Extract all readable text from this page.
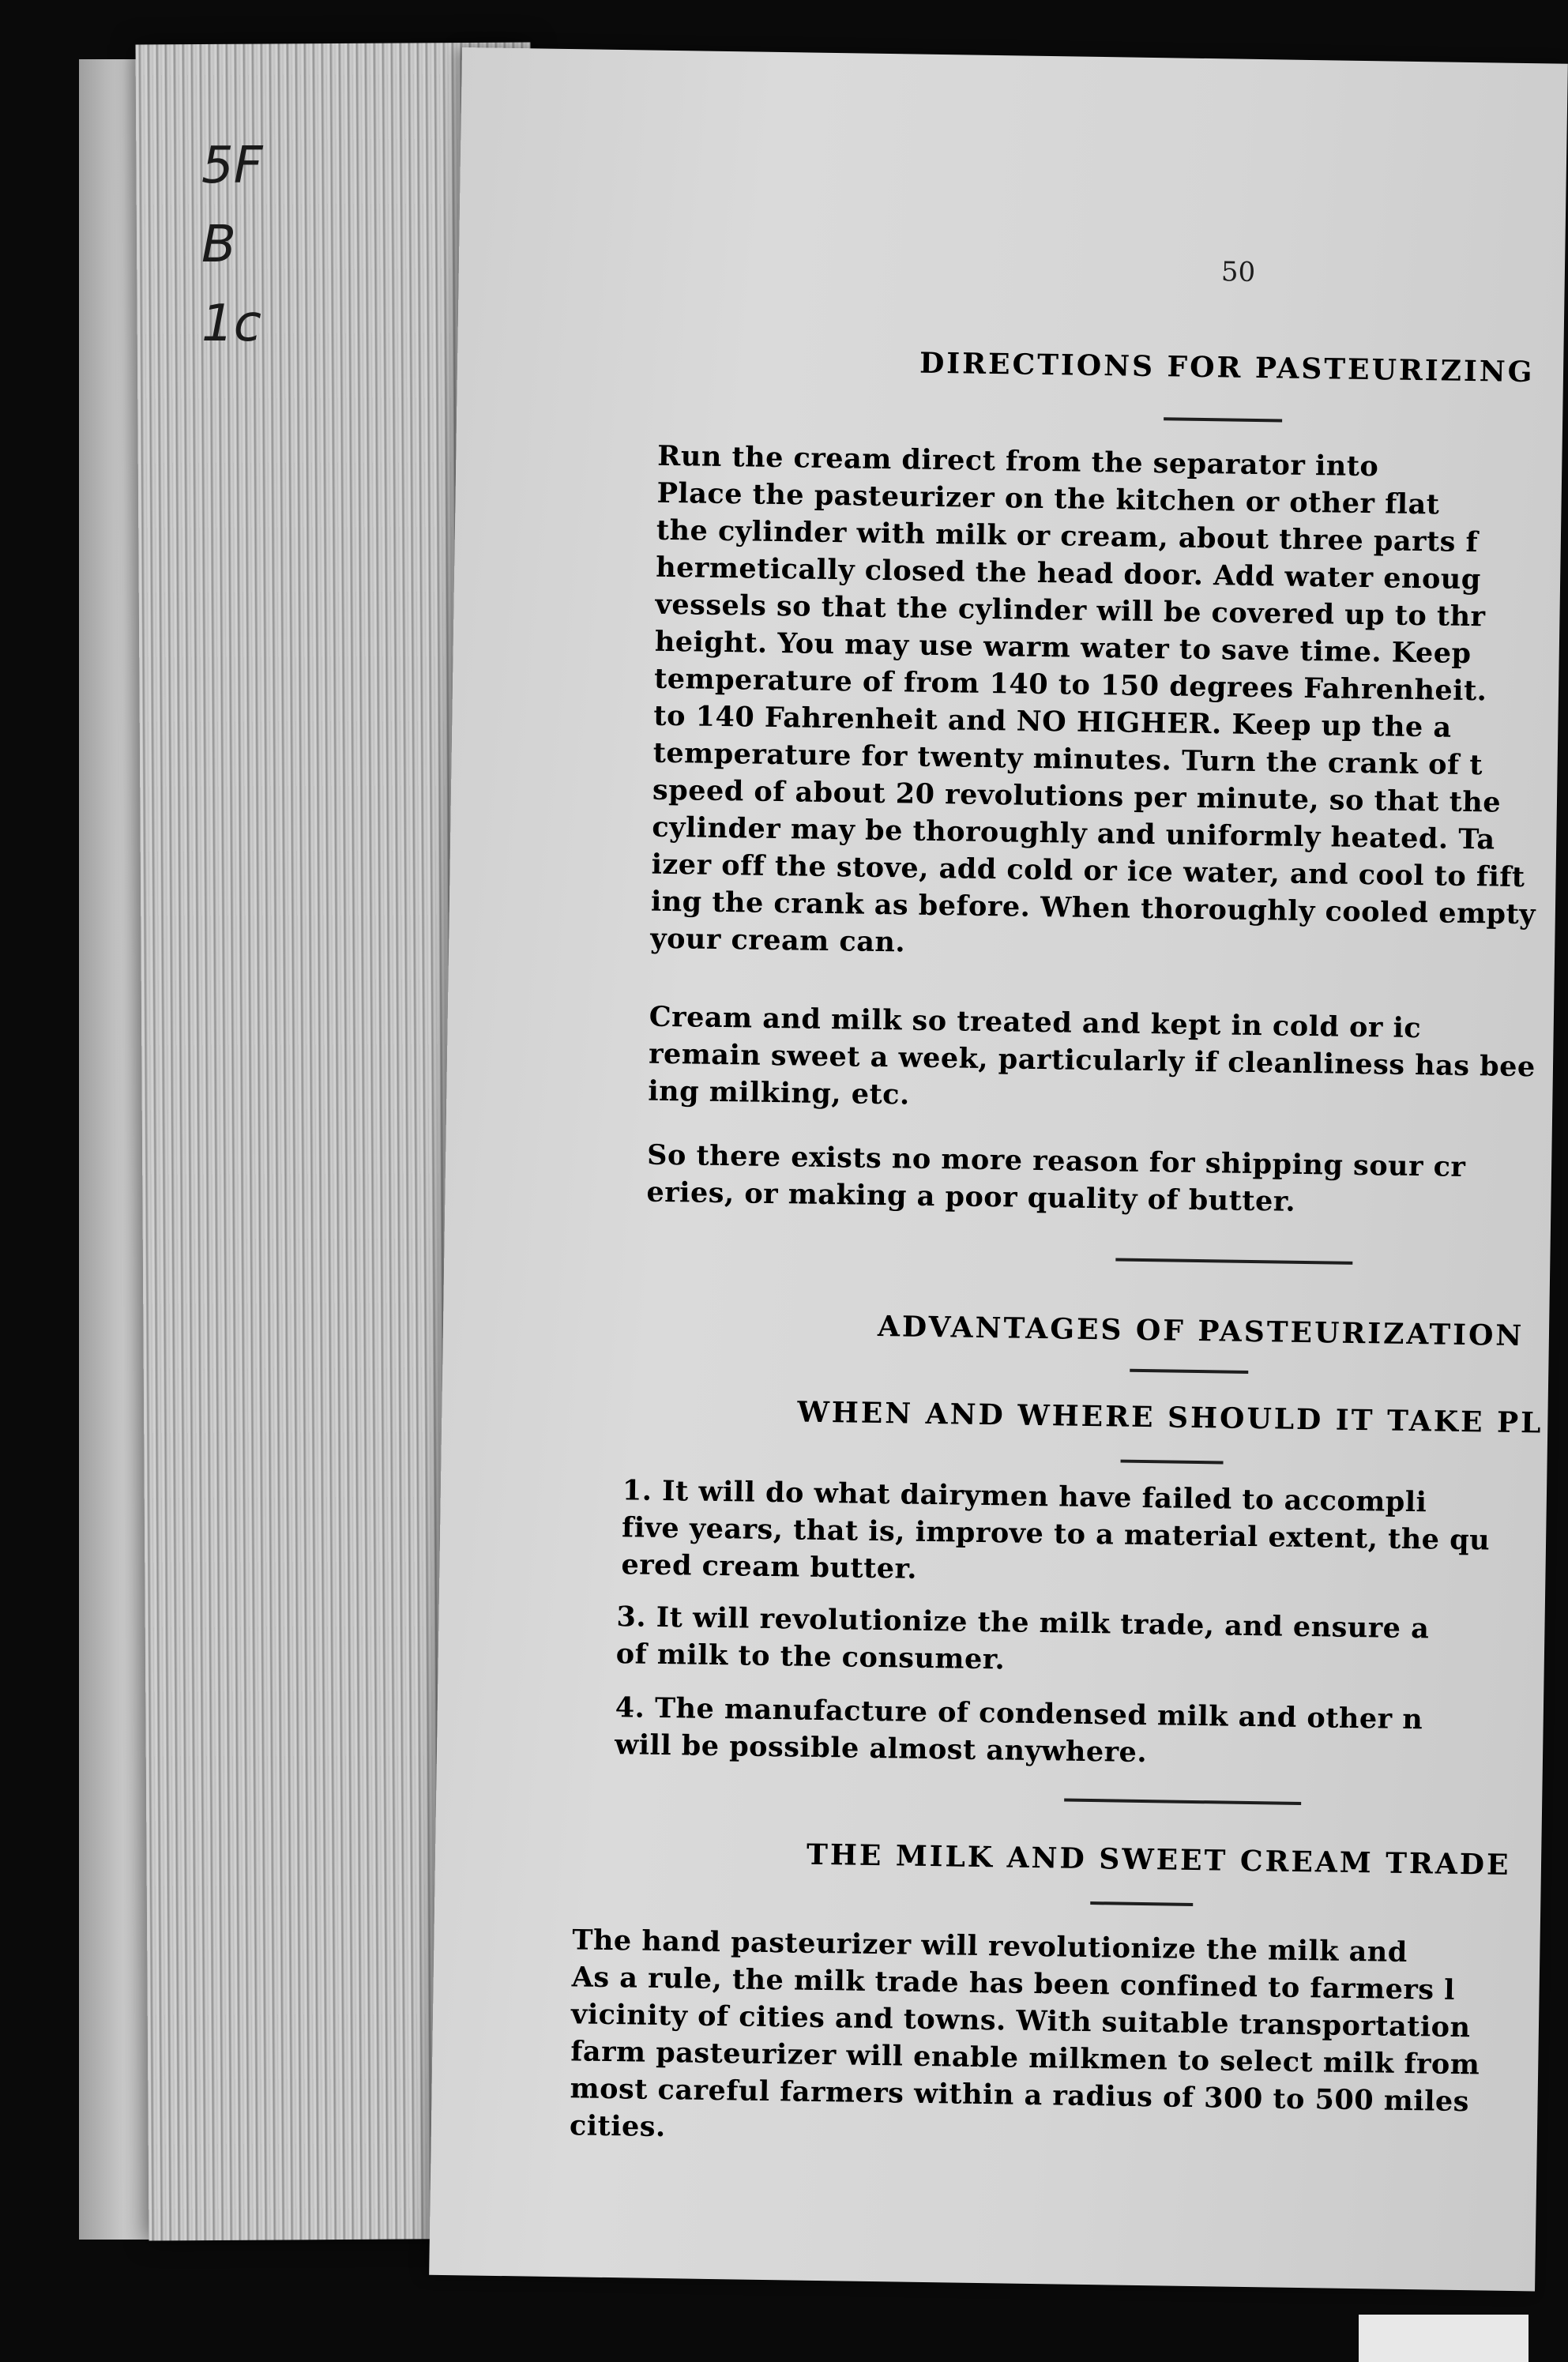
5F
B
1c
50
DIRECTIONS FOR PASTEURIZING
Run the cream direct from the separator into
Place the pasteurizer on the kitchen or other flat
the cylinder with milk or cream, about three parts f
hermetically closed the head door. Add water enoug
vessels so that the cylinder will be covered up to thr
height. You may use warm water to save time. Keep
temperature of from 140 to 150 degrees Fahrenheit.
to 140 Fahrenheit and NO HIGHER. Keep up the a
temperature for twenty minutes. Turn the crank of t
speed of about 20 revolutions per minute, so that the
cylinder may be thoroughly and uniformly heated. Ta
izer off the stove, add cold or ice water, and cool to fift
ing the crank as before. When thoroughly cooled empty
your cream can.
Cream and milk so treated and kept in cold or ic
remain sweet a week, particularly if cleanliness has bee
ing milking, etc.
So there exists no more reason for shipping sour cr
eries, or making a poor quality of butter.
ADVANTAGES OF PASTEURIZATION
WHEN AND WHERE SHOULD IT TAKE PL
1. It will do what dairymen have failed to accompli
five years, that is, improve to a material extent, the qu
ered cream butter.
3. It will revolutionize the milk trade, and ensure a
of milk to the consumer.
4. The manufacture of condensed milk and other n
will be possible almost anywhere.
THE MILK AND SWEET CREAM TRADE
The hand pasteurizer will revolutionize the milk and
As a rule, the milk trade has been confined to farmers l
vicinity of cities and towns. With suitable transportation
farm pasteurizer will enable milkmen to select milk from
most careful farmers within a radius of 300 to 500 miles
cities.
